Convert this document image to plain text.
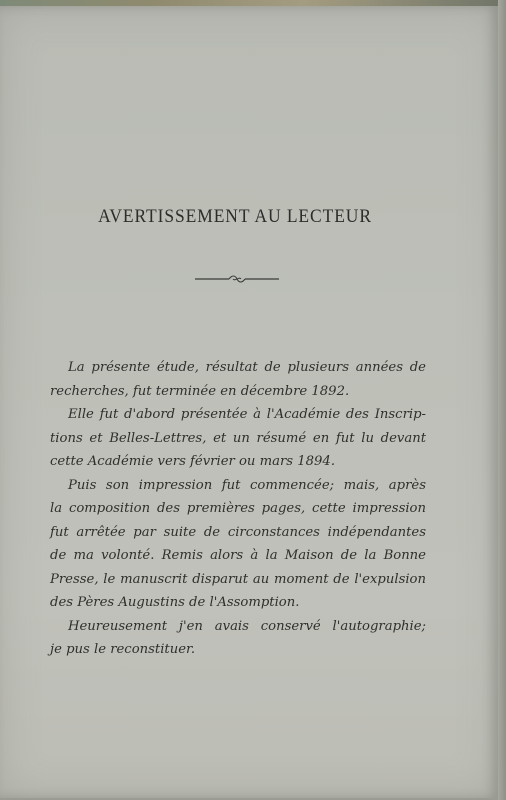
AVERTISSEMENT AU LECTEUR
La présente étude, résultat de plusieurs années de
recherches, fut terminée en décembre 1892.
Elle fut d'abord présentée à l'Académie des Inscrip-
tions et Belles-Lettres, et un résumé en fut lu devant
cette Académie vers février ou mars 1894.
Puis son impression fut commencée; mais, après
la composition des premières pages, cette impression
fut arrêtée par suite de circonstances indépendantes
de ma volonté. Remis alors à la Maison de la Bonne
Presse, le manuscrit disparut au moment de l'expulsion
des Pères Augustins de l'Assomption.
Heureusement j'en avais conservé l'autographie;
je pus le reconstituer.
